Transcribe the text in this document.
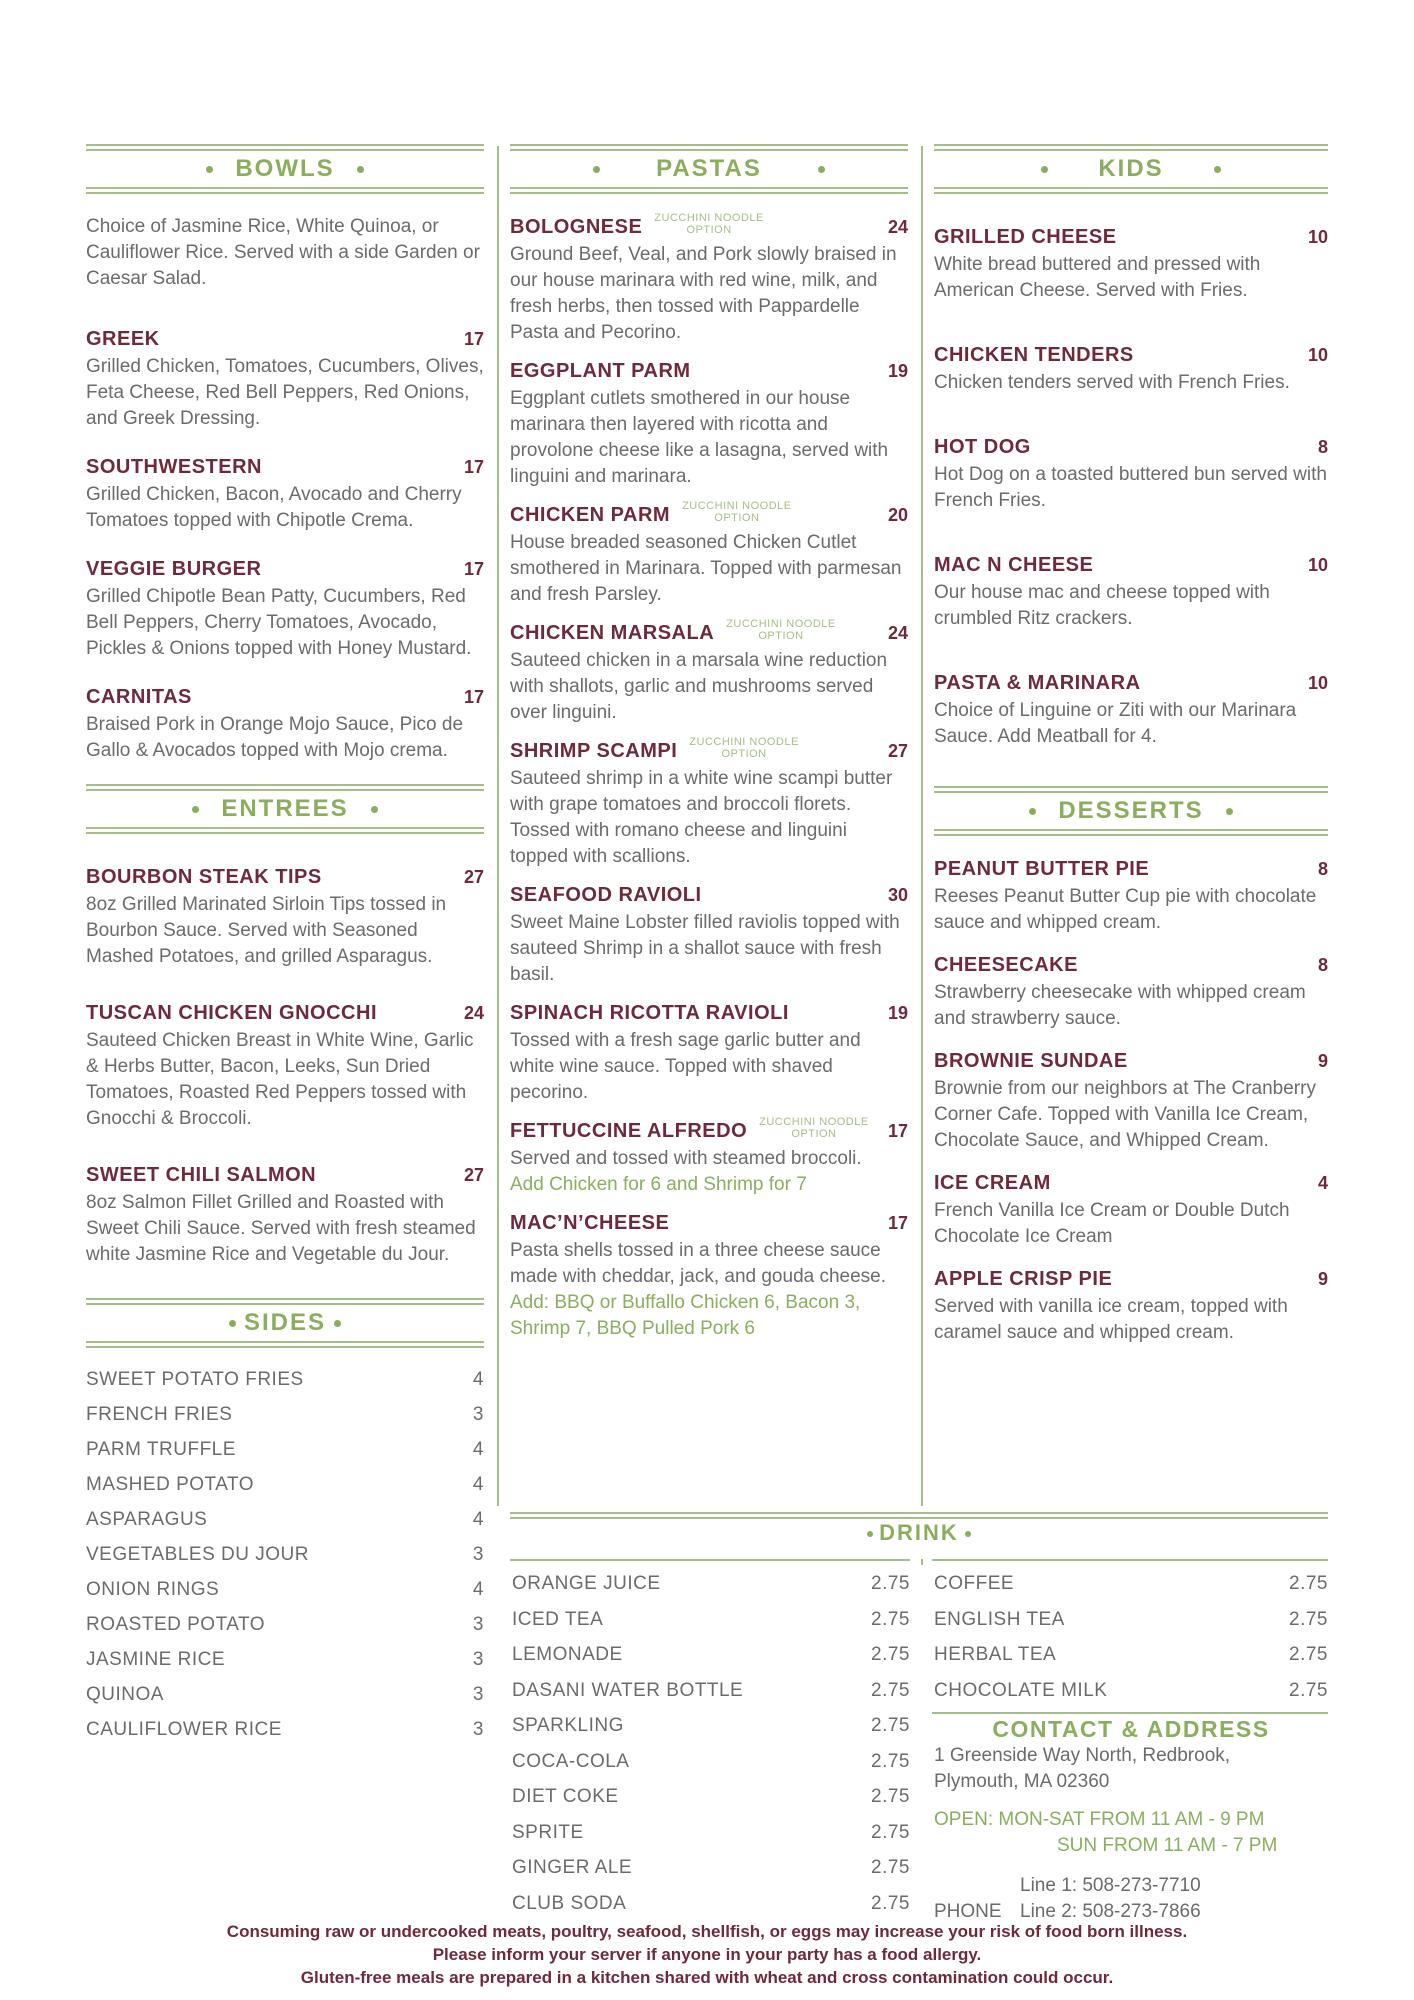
BOWLS
Choice of Jasmine Rice, White Quinoa, or Cauliflower Rice. Served with a side Garden or Caesar Salad.
GREEK	17
Grilled Chicken, Tomatoes, Cucumbers, Olives, Feta Cheese, Red Bell Peppers, Red Onions, and Greek Dressing.
SOUTHWESTERN	17
Grilled Chicken, Bacon, Avocado and Cherry Tomatoes topped with Chipotle Crema.
VEGGIE BURGER	17
Grilled Chipotle Bean Patty, Cucumbers, Red Bell Peppers, Cherry Tomatoes, Avocado, Pickles & Onions topped with Honey Mustard.
CARNITAS	17
Braised Pork in Orange Mojo Sauce, Pico de Gallo & Avocados topped with Mojo crema.
ENTREES
BOURBON STEAK TIPS	27
8oz Grilled Marinated Sirloin Tips tossed in Bourbon Sauce. Served with Seasoned Mashed Potatoes, and grilled Asparagus.
TUSCAN CHICKEN GNOCCHI	24
Sauteed Chicken Breast in White Wine, Garlic & Herbs Butter, Bacon, Leeks, Sun Dried Tomatoes, Roasted Red Peppers tossed with Gnocchi & Broccoli.
SWEET CHILI SALMON	27
8oz Salmon Fillet Grilled and Roasted with Sweet Chili Sauce. Served with fresh steamed white Jasmine Rice and Vegetable du Jour.
SIDES
SWEET POTATO FRIES	4
FRENCH FRIES	3
PARM TRUFFLE	4
MASHED POTATO	4
ASPARAGUS	4
VEGETABLES DU JOUR	3
ONION RINGS	4
ROASTED POTATO	3
JASMINE RICE	3
QUINOA	3
CAULIFLOWER RICE	3
PASTAS
BOLOGNESE ZUCCHINI NOODLE
OPTION	24
Ground Beef, Veal, and Pork slowly braised in our house marinara with red wine, milk, and fresh herbs, then tossed with Pappardelle Pasta and Pecorino.
EGGPLANT PARM	19
Eggplant cutlets smothered in our house marinara then layered with ricotta and provolone cheese like a lasagna, served with linguini and marinara.
CHICKEN PARM ZUCCHINI NOODLE
OPTION	20
House breaded seasoned Chicken Cutlet smothered in Marinara. Topped with parmesan and fresh Parsley.
CHICKEN MARSALA ZUCCHINI NOODLE
OPTION	24
Sauteed chicken in a marsala wine reduction with shallots, garlic and mushrooms served over linguini.
SHRIMP SCAMPI ZUCCHINI NOODLE
OPTION	27
Sauteed shrimp in a white wine scampi butter with grape tomatoes and broccoli florets. Tossed with romano cheese and linguini topped with scallions.
SEAFOOD RAVIOLI	30
Sweet Maine Lobster filled raviolis topped with sauteed Shrimp in a shallot sauce with fresh basil.
SPINACH RICOTTA RAVIOLI	19
Tossed with a fresh sage garlic butter and white wine sauce. Topped with shaved pecorino.
FETTUCCINE ALFREDO ZUCCHINI NOODLE
OPTION	17
Served and tossed with steamed broccoli.
Add Chicken for 6 and Shrimp for 7
MAC’N’CHEESE	17
Pasta shells tossed in a three cheese sauce made with cheddar, jack, and gouda cheese.
Add: BBQ or Buffallo Chicken 6, Bacon 3, Shrimp 7, BBQ Pulled Pork 6
KIDS
GRILLED CHEESE	10
White bread buttered and pressed with American Cheese. Served with Fries.
CHICKEN TENDERS	10
Chicken tenders served with French Fries.
HOT DOG	8
Hot Dog on a toasted buttered bun served with French Fries.
MAC N CHEESE	10
Our house mac and cheese topped with crumbled Ritz crackers.
PASTA & MARINARA	10
Choice of Linguine or Ziti with our Marinara Sauce. Add Meatball for 4.
DESSERTS
PEANUT BUTTER PIE	8
Reeses Peanut Butter Cup pie with chocolate sauce and whipped cream.
CHEESECAKE	8
Strawberry cheesecake with whipped cream and strawberry sauce.
BROWNIE SUNDAE	9
Brownie from our neighbors at The Cranberry Corner Cafe. Topped with Vanilla Ice Cream, Chocolate Sauce, and Whipped Cream.
ICE CREAM	4
French Vanilla Ice Cream or Double Dutch Chocolate Ice Cream
APPLE CRISP PIE	9
Served with vanilla ice cream, topped with caramel sauce and whipped cream.
DRINK
ORANGE JUICE	2.75
ICED TEA	2.75
LEMONADE	2.75
DASANI WATER BOTTLE	2.75
SPARKLING	2.75
COCA-COLA	2.75
DIET COKE	2.75
SPRITE	2.75
GINGER ALE	2.75
CLUB SODA	2.75
COFFEE	2.75
ENGLISH TEA	2.75
HERBAL TEA	2.75
CHOCOLATE MILK	2.75
CONTACT & ADDRESS
1 Greenside Way North, Redbrook,
Plymouth, MA 02360
OPEN: MON-SAT FROM 11 AM - 9 PM
SUN FROM 11 AM - 7 PM
PHONE
Line 1: 508-273-7710
Line 2: 508-273-7866
Consuming raw or undercooked meats, poultry, seafood, shellfish, or eggs may increase your risk of food born illness.
Please inform your server if anyone in your party has a food allergy.
Gluten-free meals are prepared in a kitchen shared with wheat and cross contamination could occur.
